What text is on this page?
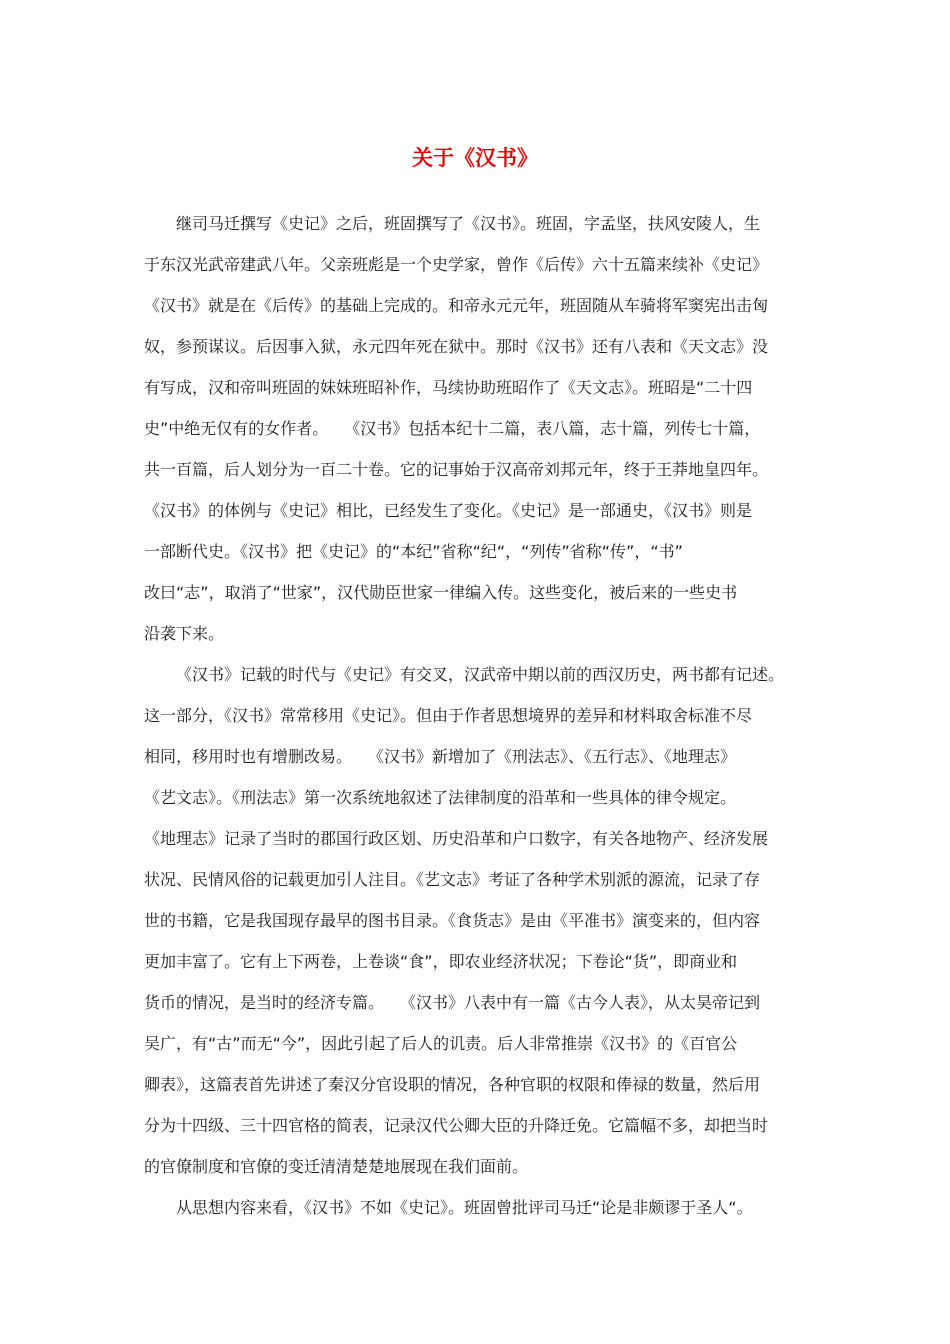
关于《汉书》
继司马迁撰写《史记》之后，班固撰写了《汉书》。班固，字孟坚，扶风安陵人，生
于东汉光武帝建武八年。父亲班彪是一个史学家，曾作《后传》六十五篇来续补《史记》
《汉书》就是在《后传》的基础上完成的。和帝永元元年，班固随从车骑将军窦宪出击匈
奴，参预谋议。后因事入狱，永元四年死在狱中。那时《汉书》还有八表和《天文志》没
有写成，汉和帝叫班固的妹妹班昭补作，马续协助班昭作了《天文志》。班昭是“二十四
史”中绝无仅有的女作者。　　《汉书》包括本纪十二篇，表八篇，志十篇，列传七十篇，
共一百篇，后人划分为一百二十卷。它的记事始于汉高帝刘邦元年，终于王莽地皇四年。
《汉书》的体例与《史记》相比，已经发生了变化。《史记》是一部通史，《汉书》则是
一部断代史。《汉书》把《史记》的“本纪”省称“纪“，“列传”省称“传”，“书”
改曰“志”，取消了“世家”，汉代勋臣世家一律编入传。这些变化，被后来的一些史书
沿袭下来。
《汉书》记载的时代与《史记》有交叉，汉武帝中期以前的西汉历史，两书都有记述。
这一部分，《汉书》常常移用《史记》。但由于作者思想境界的差异和材料取舍标准不尽
相同，移用时也有增删改易。　　《汉书》新增加了《刑法志》、《五行志》、《地理志》
《艺文志》。《刑法志》第一次系统地叙述了法律制度的沿革和一些具体的律令规定。
《地理志》记录了当时的郡国行政区划、历史沿革和户口数字，有关各地物产、经济发展
状况、民情风俗的记载更加引人注目。《艺文志》考证了各种学术别派的源流，记录了存
世的书籍，它是我国现存最早的图书目录。《食货志》是由《平准书》演变来的，但内容
更加丰富了。它有上下两卷，上卷谈“食”，即农业经济状况；下卷论“货”，即商业和
货币的情况，是当时的经济专篇。　　《汉书》八表中有一篇《古今人表》，从太昊帝记到
吴广，有“古”而无“今”，因此引起了后人的讥责。后人非常推崇《汉书》的《百官公
卿表》，这篇表首先讲述了秦汉分官设职的情况，各种官职的权限和俸禄的数量，然后用
分为十四级、三十四官格的简表，记录汉代公卿大臣的升降迁免。它篇幅不多，却把当时
的官僚制度和官僚的变迁清清楚楚地展现在我们面前。
从思想内容来看，《汉书》不如《史记》。班固曾批评司马迁“论是非颇谬于圣人“。
